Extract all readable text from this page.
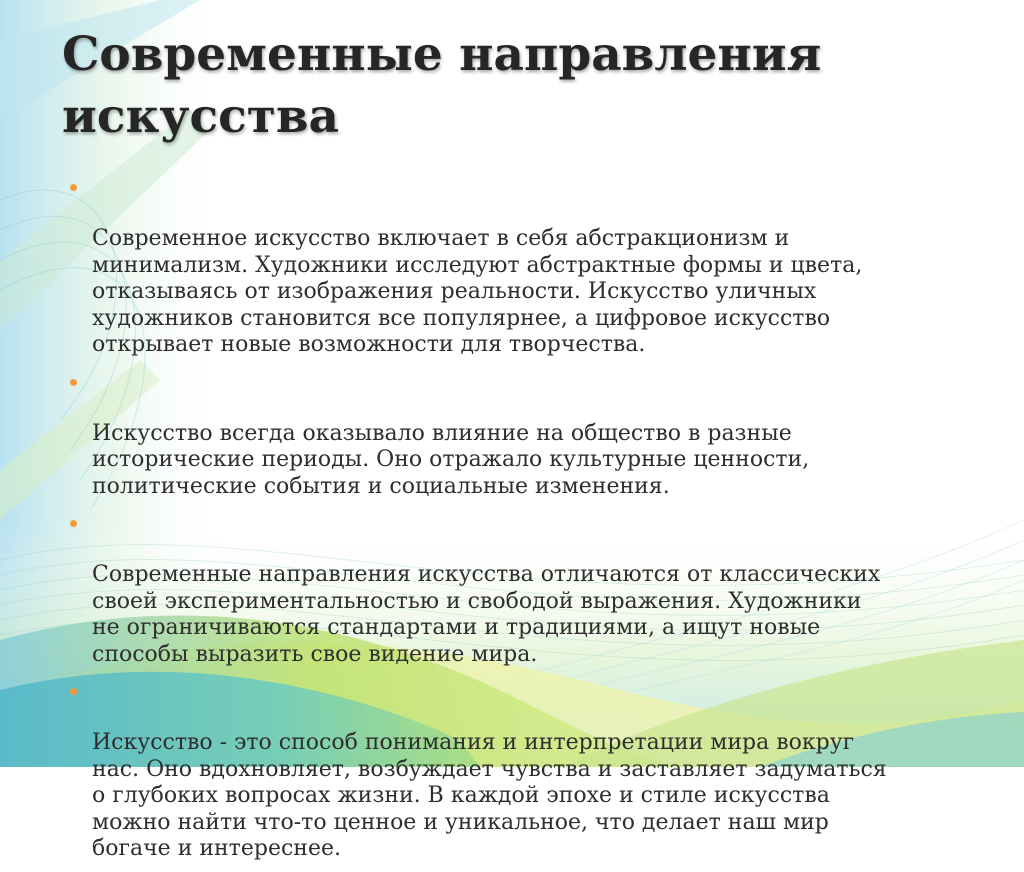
Современные направления
искусства

Современное искусство включает в себя абстракционизм и
минимализм. Художники исследуют абстрактные формы и цвета,
отказываясь от изображения реальности. Искусство уличных
художников становится все популярнее, а цифровое искусство
открывает новые возможности для творчества.

Искусство всегда оказывало влияние на общество в разные
исторические периоды. Оно отражало культурные ценности,
политические события и социальные изменения.

Современные направления искусства отличаются от классических
своей экспериментальностью и свободой выражения. Художники
не ограничиваются стандартами и традициями, а ищут новые
способы выразить свое видение мира.

Искусство - это способ понимания и интерпретации мира вокруг
нас. Оно вдохновляет, возбуждает чувства и заставляет задуматься
о глубоких вопросах жизни. В каждой эпохе и стиле искусства
можно найти что-то ценное и уникальное, что делает наш мир
богаче и интереснее.
